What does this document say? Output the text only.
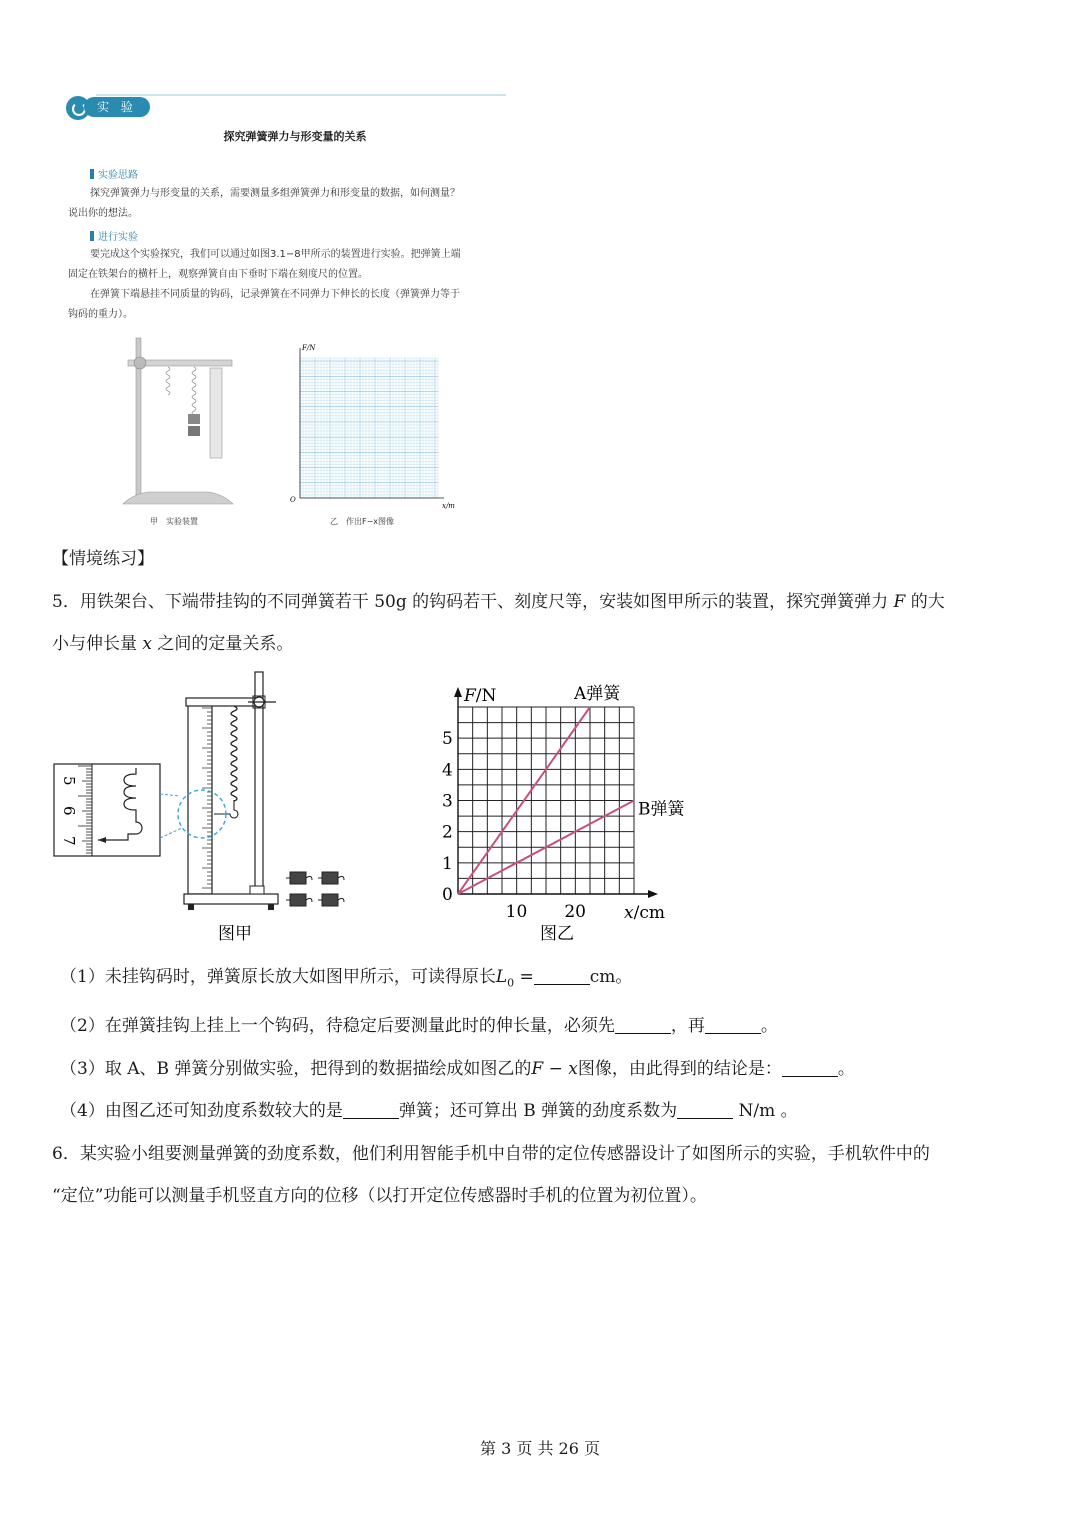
实 验
探究弹簧弹力与形变量的关系
实验思路
探究弹簧弹力与形变量的关系，需要测量多组弹簧弹力和形变量的数据，如何测量？
说出你的想法。
进行实验
要完成这个实验探究，我们可以通过如图3.1−8甲所示的装置进行实验。把弹簧上端
固定在铁架台的横杆上，观察弹簧自由下垂时下端在刻度尺的位置。
在弹簧下端悬挂不同质量的钩码，记录弹簧在不同弹力下伸长的长度（弹簧弹力等于
钩码的重力）。
甲　实验装置
F/N
O
x/m
乙　作出F−x图像
【情境练习】
5．用铁架台、下端带挂钩的不同弹簧若干 50g 的钩码若干、刻度尺等，安装如图甲所示的装置，探究弹簧弹力 F 的大
小与伸长量 x 之间的定量关系。
5
6
7
图甲
1
2
3
4
5
10 20
0
F/N
x/cm
A弹簧
B弹簧
图乙
（1）未挂钩码时，弹簧原长放大如图甲所示，可读得原长$L_0$ =	cm。
（2）在弹簧挂钩上挂上一个钩码，待稳定后要测量此时的伸长量，必须先	，再	。
（3）取 A、B 弹簧分别做实验，把得到的数据描绘成如图乙的F − x图像，由此得到的结论是：	。
（4）由图乙还可知劲度系数较大的是	弹簧；还可算出 B 弹簧的劲度系数为	N/m 。
6．某实验小组要测量弹簧的劲度系数，他们利用智能手机中自带的定位传感器设计了如图所示的实验，手机软件中的
“定位”功能可以测量手机竖直方向的位移（以打开定位传感器时手机的位置为初位置）。
第 3 页 共 26 页
